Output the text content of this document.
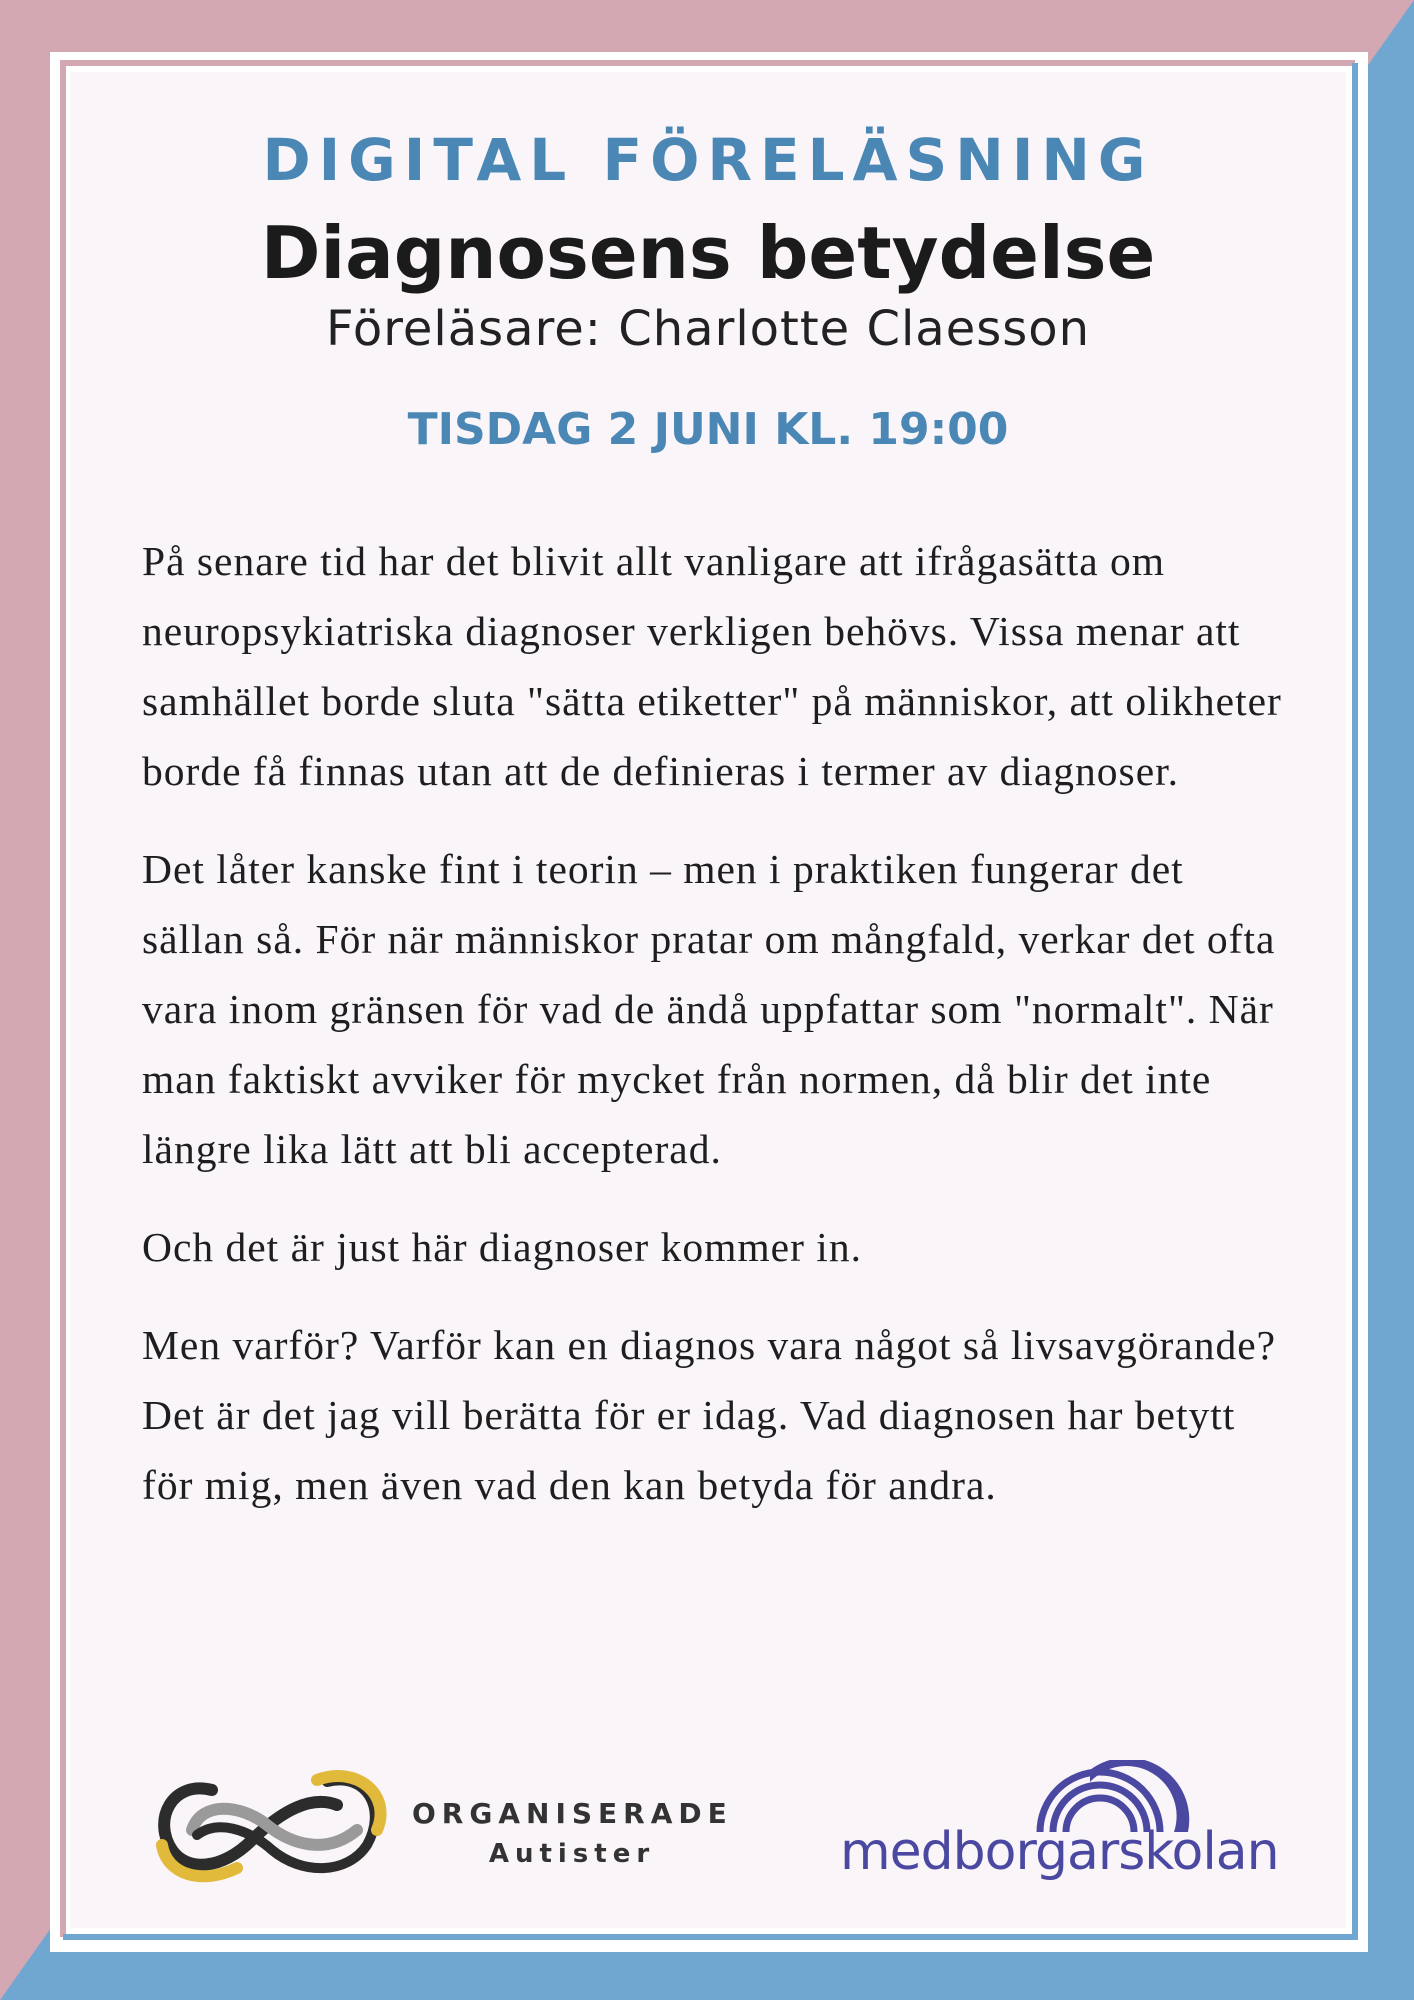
DIGITAL FÖRELÄSNING
Diagnosens betydelse
Föreläsare: Charlotte Claesson
TISDAG 2 JUNI KL. 19:00

På senare tid har det blivit allt vanligare att ifrågasätta om neuropsykiatriska diagnoser verkligen behövs. Vissa menar att samhället borde sluta "sätta etiketter" på människor, att olikheter borde få finnas utan att de definieras i termer av diagnoser.

Det låter kanske fint i teorin – men i praktiken fungerar det sällan så. För när människor pratar om mångfald, verkar det ofta vara inom gränsen för vad de ändå uppfattar som "normalt". När man faktiskt avviker för mycket från normen, då blir det inte längre lika lätt att bli accepterad.

Och det är just här diagnoser kommer in.

Men varför? Varför kan en diagnos vara något så livsavgörande? Det är det jag vill berätta för er idag. Vad diagnosen har betytt för mig, men även vad den kan betyda för andra.

ORGANISERADE
Autister	medborgarskolan
